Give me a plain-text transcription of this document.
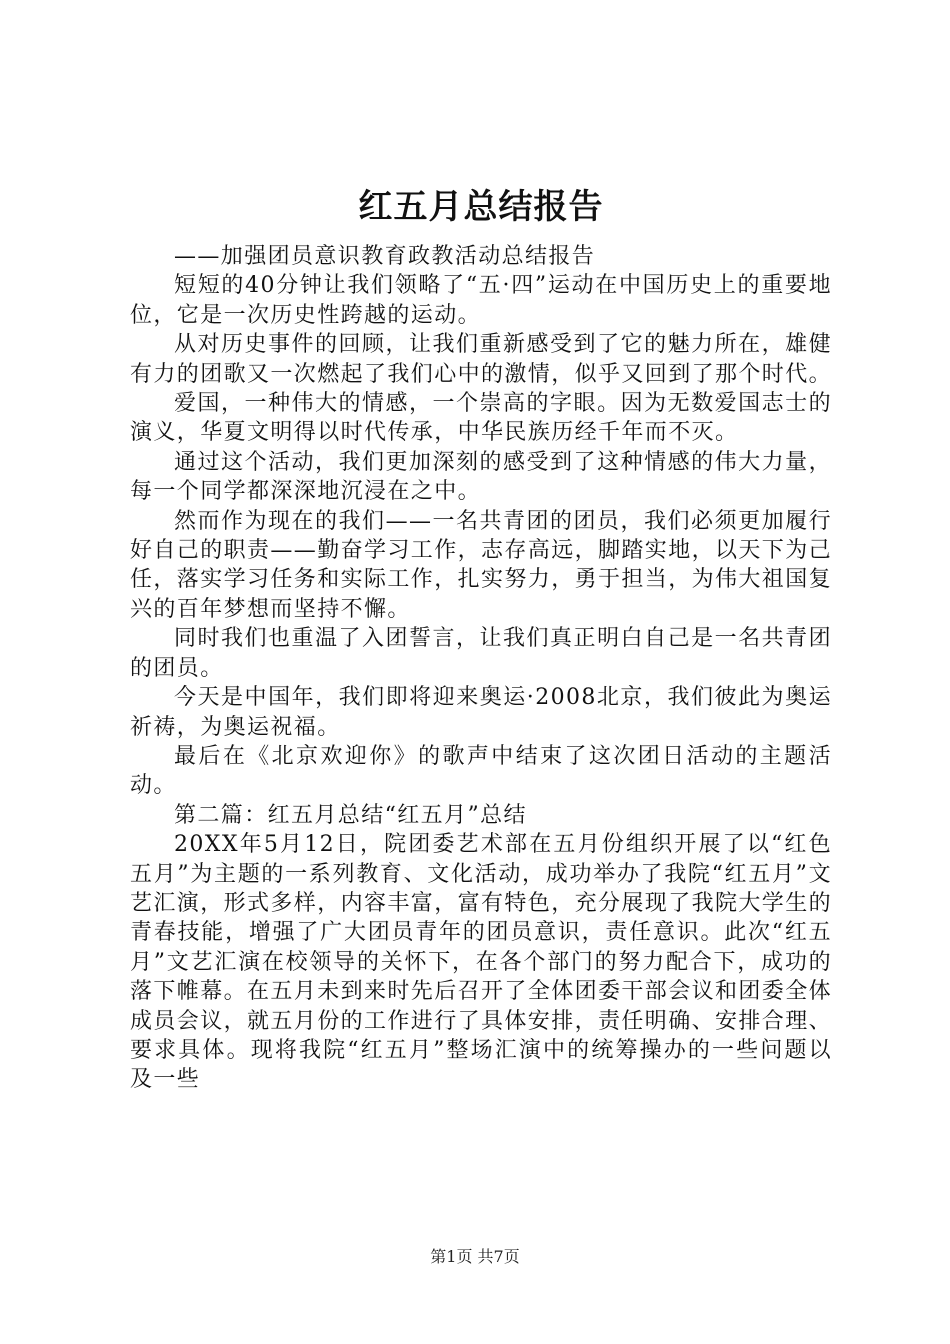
红五月总结报告

——加强团员意识教育政教活动总结报告

短短的40分钟让我们领略了“五·四”运动在中国历史上的重要地位，它是一次历史性跨越的运动。

从对历史事件的回顾，让我们重新感受到了它的魅力所在，雄健有力的团歌又一次燃起了我们心中的激情，似乎又回到了那个时代。

爱国，一种伟大的情感，一个崇高的字眼。因为无数爱国志士的演义，华夏文明得以时代传承，中华民族历经千年而不灭。

通过这个活动，我们更加深刻的感受到了这种情感的伟大力量，每一个同学都深深地沉浸在之中。

然而作为现在的我们——一名共青团的团员，我们必须更加履行好自己的职责——勤奋学习工作，志存高远，脚踏实地，以天下为己任，落实学习任务和实际工作，扎实努力，勇于担当，为伟大祖国复兴的百年梦想而坚持不懈。

同时我们也重温了入团誓言，让我们真正明白自己是一名共青团的团员。

今天是中国年，我们即将迎来奥运·2008北京，我们彼此为奥运祈祷，为奥运祝福。

最后在《北京欢迎你》的歌声中结束了这次团日活动的主题活动。

第二篇：红五月总结“红五月”总结

20XX年5月12日，院团委艺术部在五月份组织开展了以“红色五月”为主题的一系列教育、文化活动，成功举办了我院“红五月”文艺汇演，形式多样，内容丰富，富有特色，充分展现了我院大学生的青春技能，增强了广大团员青年的团员意识，责任意识。此次“红五月”文艺汇演在校领导的关怀下，在各个部门的努力配合下，成功的落下帷幕。在五月未到来时先后召开了全体团委干部会议和团委全体成员会议，就五月份的工作进行了具体安排，责任明确、安排合理、要求具体。现将我院“红五月”整场汇演中的统筹操办的一些问题以及一些

第1页 共7页
